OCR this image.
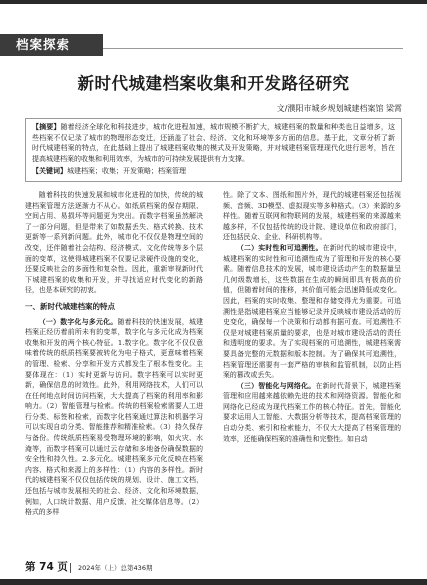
档案探索
新时代城建档案收集和开发路径研究
文/濮阳市城乡规划城建档案馆 梁霄
【摘要】随着经济全球化和科技进步，城市化进程加速，城市规模不断扩大，城建档案的数量和种类也日益增多，这些档案不仅记录了城市的物理形态变迁，还涵盖了社会、经济、文化和环境等多方面的信息。基于此，文章分析了新时代城建档案的特点，在此基础上提出了城建档案收集的模式及开发策略，并对城建档案管理现代化进行思考，旨在提高城建档案的收集和利用效率，为城市的可持续发展提供有力支撑。
【关键词】城建档案；收集；开发策略；档案管理

随着科技的快速发展和城市化进程的加快，传统的城建档案管理方法逐渐力不从心。如纸质档案的保存期限、空间占用、易损坏等问题更为突出。而数字档案虽然解决了一部分问题，但是带来了如数据丢失、格式转换、技术更新等一系列新问题。此外，城市化不仅仅是物理空间的改变，还伴随着社会结构、经济模式、文化传统等多个层面的变革，这使得城建档案不仅要记录硬件设施的变化，还要反映社会的多面性和复杂性。因此，重新审视新时代下城建档案的收集和开发，并寻找适应时代变化的新路径，也是本研究的初衷。

一、新时代城建档案的特点

（一）数字化与多元化。随着科技的快速发展，城建档案正经历着前所未有的变革，数字化与多元化成为档案收集和开发的两个核心特征。1.数字化。数字化不仅仅意味着传统的纸质档案要被转化为电子格式，更意味着档案的管理、检索、分享和开发方式都发生了根本性变化。主要体现在：（1）实时更新与访问。数字档案可以实时更新，确保信息的时效性。此外，利用网络技术，人们可以在任何地点时间访问档案，大大提高了档案的利用率和影响力。（2）智能管理与检索。传统的档案检索需要人工进行分类、标签和检索，而数字化档案通过算法和机器学习可以实现自动分类、智能推荐和精准检索。（3）持久保存与备份。传统纸质档案易受物理环境的影响，如火灾、水淹等，而数字档案可以通过云存储和多地备份确保数据的安全性和持久性。2.多元化。城建档案多元化反映在档案内容、格式和来源上的多样性：（1）内容的多样性。新时代的城建档案不仅仅包括传统的规划、设计、施工文档，还包括与城市发展相关的社会、经济、文化和环境数据，例如，人口统计数据、用户反馈、社交媒体信息等。（2）格式的多样

性。除了文本、图纸和图片外，现代的城建档案还包括视频、音频、3D模型、虚拟现实等多种格式。（3）来源的多样性。随着互联网和物联网的发展，城建档案的来源越来越多样，不仅包括传统的设计院、建设单位和政府部门，还包括民众、企业、科研机构等。

（二）实时性和可追溯性。在新时代的城市建设中，城建档案的实时性和可追溯性成为了管理和开发的核心要素。随着信息技术的发展，城市建设活动产生的数据量呈几何级数增长，这些数据在生成的瞬间即具有极高的价值，但随着时间的推移，其价值可能会迅速降低或变化。因此，档案的实时收集、整理和存储变得尤为重要。可追溯性是指城建档案应当能够记录并反映城市建设活动的历史变化，确保每一个决策和行动都有据可查。可追溯性不仅是对城建档案质量的要求，也是对城市建设活动的责任和透明度的要求。为了实现档案的可追溯性，城建档案需要具备完整的元数据和版本控制。为了确保其可追溯性，档案管理还需要有一套严格的审核和监管机制，以防止档案的篡改或丢失。

（三）智能化与网络化。在新时代背景下，城建档案管理和应用越来越依赖先进的技术和网络资源。智能化和网络化已经成为现代档案工作的核心特征。首先，智能化要求运用人工智能、大数据分析等技术，提高档案管理的自动分类、索引和检索能力，不仅大大提高了档案管理的效率，还能确保档案的准确性和完整性。如自动

第 74 页 2024年（上）总第436期
